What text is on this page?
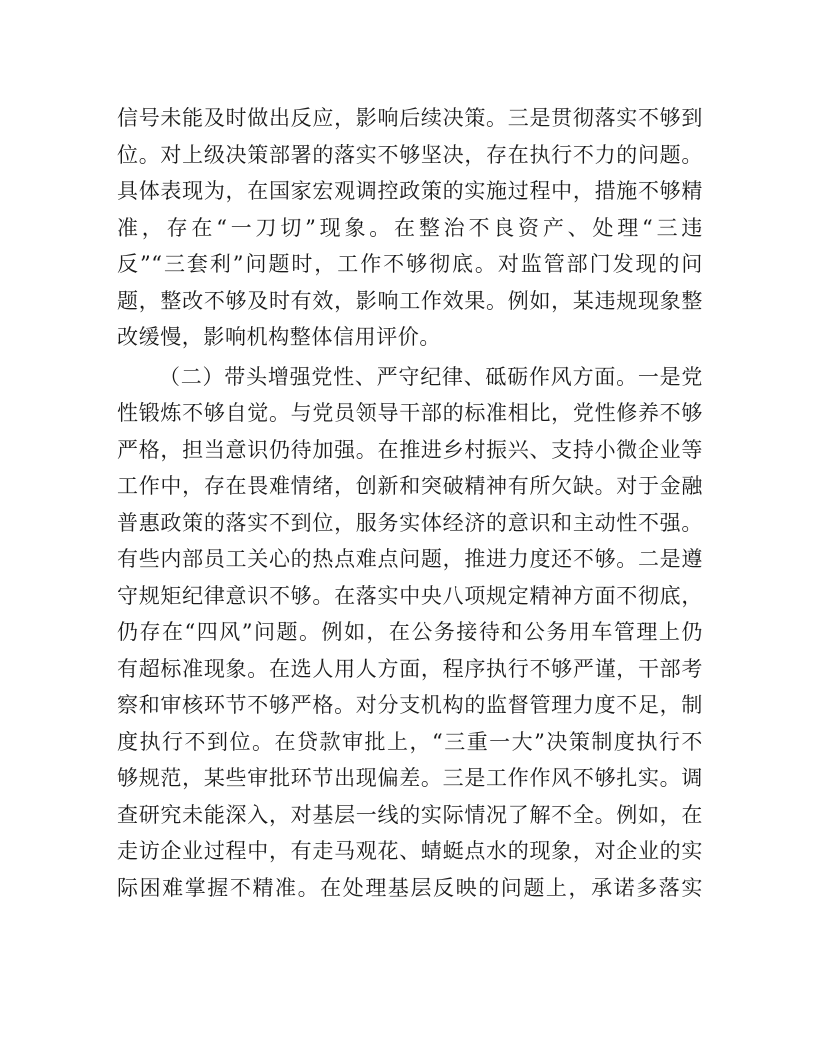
信号未能及时做出反应，影响后续决策。三是贯彻落实不够到
位。对上级决策部署的落实不够坚决，存在执行不力的问题。
具体表现为，在国家宏观调控政策的实施过程中，措施不够精
准，存在“一刀切”现象。在整治不良资产、处理“三违
反”“三套利”问题时，工作不够彻底。对监管部门发现的问
题，整改不够及时有效，影响工作效果。例如，某违规现象整
改缓慢，影响机构整体信用评价。
（二）带头增强党性、严守纪律、砥砺作风方面。一是党
性锻炼不够自觉。与党员领导干部的标准相比，党性修养不够
严格，担当意识仍待加强。在推进乡村振兴、支持小微企业等
工作中，存在畏难情绪，创新和突破精神有所欠缺。对于金融
普惠政策的落实不到位，服务实体经济的意识和主动性不强。
有些内部员工关心的热点难点问题，推进力度还不够。二是遵
守规矩纪律意识不够。在落实中央八项规定精神方面不彻底，
仍存在“四风”问题。例如，在公务接待和公务用车管理上仍
有超标准现象。在选人用人方面，程序执行不够严谨，干部考
察和审核环节不够严格。对分支机构的监督管理力度不足，制
度执行不到位。在贷款审批上，“三重一大”决策制度执行不
够规范，某些审批环节出现偏差。三是工作作风不够扎实。调
查研究未能深入，对基层一线的实际情况了解不全。例如，在
走访企业过程中，有走马观花、蜻蜓点水的现象，对企业的实
际困难掌握不精准。在处理基层反映的问题上，承诺多落实
